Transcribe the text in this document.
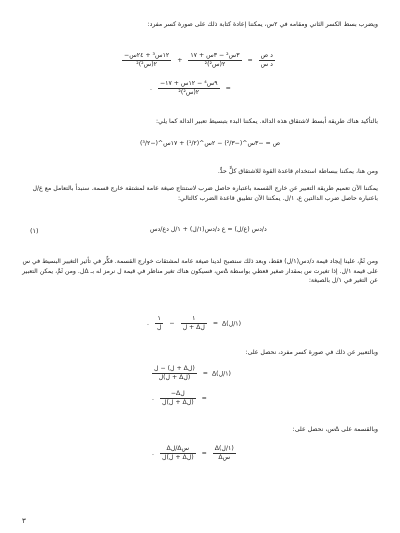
ويضرب بسط الكسر الثاني ومقامه في ٢س، يمكننا إعادة كتابة ذلك على صورة كسر مفرد:
$\frac{\text{−١٢س³ + ٢٤س}}{\text{٢(س²)²}} + \frac{\text{٣س² − ٣س + ١٧}}{\text{٢(س²)²}} = \frac{\text{د ص}}{\text{د س}}$
. $\frac{\text{−٩س⁴ − ١٢س + ١٧}}{\text{٢(س²)²}}$ =
بالتأكيد هناك طريقة أبسط لاشتقاق هذه الدالة. يمكننا البدء بتبسيط تعبير الدالة كما يلي:
ص = −٣س^(−²/٣) − ٢س^(¹/٢) + ١٧س^(−³/٢)
ومن هنا، يمكننا ببساطة استخدام قاعدة القوة للاشتقاق كلٍّ حدٍّ.
يمكننا الآن تعميم طريقة التعبير عن خارج القسمة باعتباره حاصل ضرب لاستنتاج صيغة عامة لمشتقة خارج قسمة. سنبدأ بالتعامل مع ع/ل باعتباره حاصل ضرب الدالتين ع، ١/ل. يمكننا الآن تطبيق قاعدة الضرب كالتالي:
د/دس (ع/ل) = ع د/دس(١/ل) + ١/ل دع/دس
(١)
ومن ثَمَّ، علينا إيجاد قيمة د/دس(١/ل) فقط، وبعد ذلك سنصبح لدينا صيغة عامة لمشتقات خوارج القسمة. فكِّر في تأثير التغيير البسيط في س على قيمة ١/ل. إذا تغيرت س بمقدار صغير فعطي بواسطة Δس، فسيكون هناك تغير مناظر في قيمة ل نرمز له بـ Δل. ومن ثَمَّ، يمكن التعبير عن التغير في ١/ل بالصيغة:
. $\frac{١}{\text{ل}} - \frac{١}{\text{ل + Δل}}$ = Δ(١/ل)
وبالتعبير عن ذلك في صورة كسر مفرد، نحصل على:
$\frac{\text{ل − (ل + Δل)}}{\text{ل(ل + Δل)}}$ = Δ(١/ل)
. $\frac{\text{−Δل}}{\text{ل(ل + Δل)}}$ =
وبالقسمة على Δس، نحصل على:
. $\frac{\text{Δل/Δس}}{\text{ل(ل + Δل)}} = \frac{\text{Δ(١/ل)}}{\text{Δس}}$
٣
